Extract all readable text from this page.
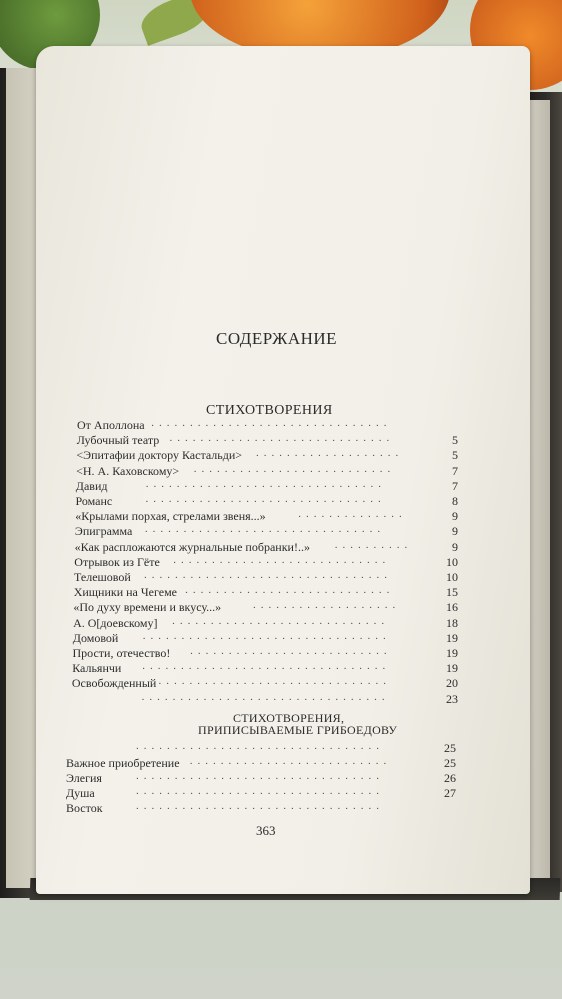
СОДЕРЖАНИЕ
СТИХОТВОРЕНИЯ
От Аполлона ...............................
Лубочный театр .............................	5
<Эпитафии доктору Кастальди> ...................	5
<Н. А. Каховскому> ..........................	7
Давид	...............................	7
Романс	...............................	8
«Крылами порхая, стрелами звеня...»	..............	9
Эпиграмма ...............................	9
«Как распложаются журнальные побранки!..» ..........	9
Отрывок из Гёте ............................	10
Телешовой ................................	10
Хищники на Чегеме ...........................	15
«По духу времени и вкусу...»	...................	16
А. О[доевскому] ............................	18
Домовой ................................	19
Прости, отечество! ..........................	19
Кальянчи ................................	19
Освобожденный ..............................	20
................................	23
СТИХОТВОРЕНИЯ,
ПРИПИСЫВАЕМЫЕ ГРИБОЕДОВУ
................................	25
Важное приобретение ..........................	25
Элегия	................................	26
Душа	................................	27
Восток	................................
363
